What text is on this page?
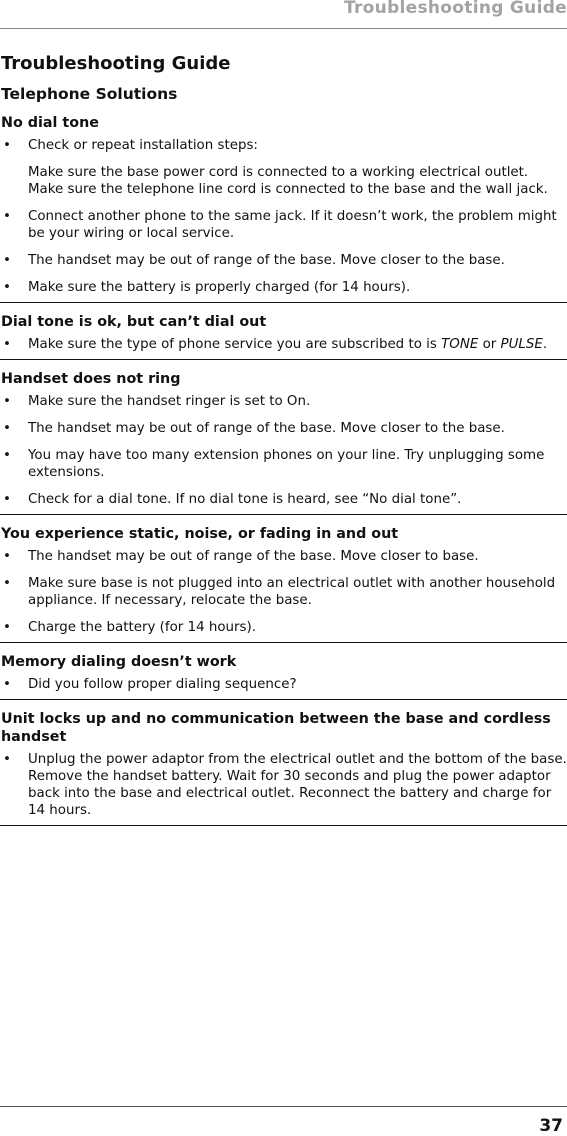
Troubleshooting Guide
Troubleshooting Guide
Telephone Solutions
No dial tone
• Check or repeat installation steps:
Make sure the base power cord is connected to a working electrical outlet. Make sure the telephone line cord is connected to the base and the wall jack.
• Connect another phone to the same jack. If it doesn’t work, the problem might be your wiring or local service.
• The handset may be out of range of the base. Move closer to the base.
• Make sure the battery is properly charged (for 14 hours).
Dial tone is ok, but can’t dial out
• Make sure the type of phone service you are subscribed to is TONE or PULSE.
Handset does not ring
• Make sure the handset ringer is set to On.
• The handset may be out of range of the base. Move closer to the base.
• You may have too many extension phones on your line. Try unplugging some extensions.
• Check for a dial tone. If no dial tone is heard, see “No dial tone”.
You experience static, noise, or fading in and out
• The handset may be out of range of the base. Move closer to base.
• Make sure base is not plugged into an electrical outlet with another household appliance. If necessary, relocate the base.
• Charge the battery (for 14 hours).
Memory dialing doesn’t work
• Did you follow proper dialing sequence?
Unit locks up and no communication between the base and cordless handset
• Unplug the power adaptor from the electrical outlet and the bottom of the base. Remove the handset battery. Wait for 30 seconds and plug the power adaptor back into the base and electrical outlet. Reconnect the battery and charge for 14 hours.
37
